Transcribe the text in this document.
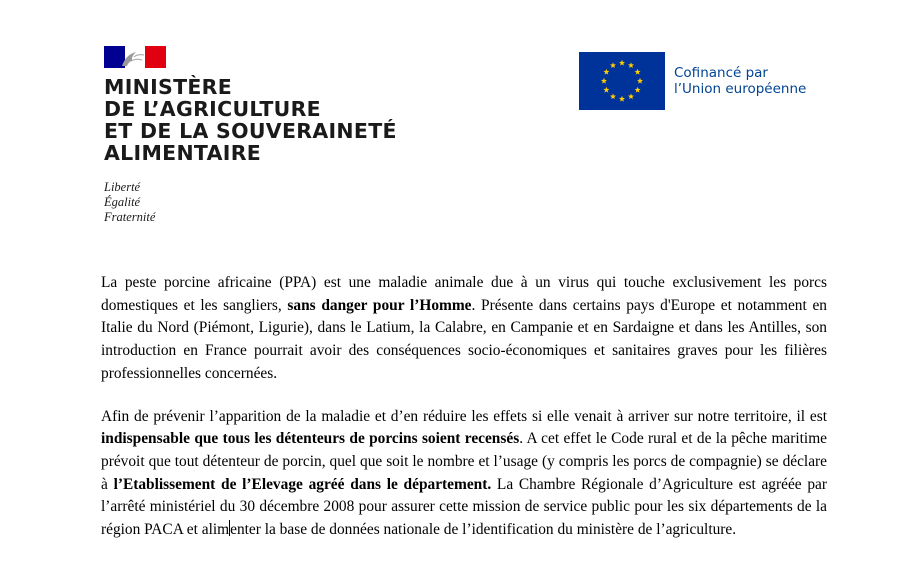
MINISTÈRE
DE L’AGRICULTURE
ET DE LA SOUVERAINETÉ
ALIMENTAIRE
Liberté
Égalité
Fraternité
Cofinancé par
l’Union européenne

La peste porcine africaine (PPA) est une maladie animale due à un virus qui touche exclusivement les porcs domestiques et les sangliers, sans danger pour l’Homme. Présente dans certains pays d'Europe et notamment en Italie du Nord (Piémont, Ligurie), dans le Latium, la Calabre, en Campanie et en Sardaigne et dans les Antilles, son introduction en France pourrait avoir des conséquences socio-économiques et sanitaires graves pour les filières professionnelles concernées.

Afin de prévenir l’apparition de la maladie et d’en réduire les effets si elle venait à arriver sur notre territoire, il est indispensable que tous les détenteurs de porcins soient recensés. A cet effet le Code rural et de la pêche maritime prévoit que tout détenteur de porcin, quel que soit le nombre et l’usage (y compris les porcs de compagnie) se déclare à l’Etablissement de l’Elevage agréé dans le département. La Chambre Régionale d’Agriculture est agréée par l’arrêté ministériel du 30 décembre 2008 pour assurer cette mission de service public pour les six départements de la région PACA et alimenter la base de données nationale de l’identification du ministère de l’agriculture.
